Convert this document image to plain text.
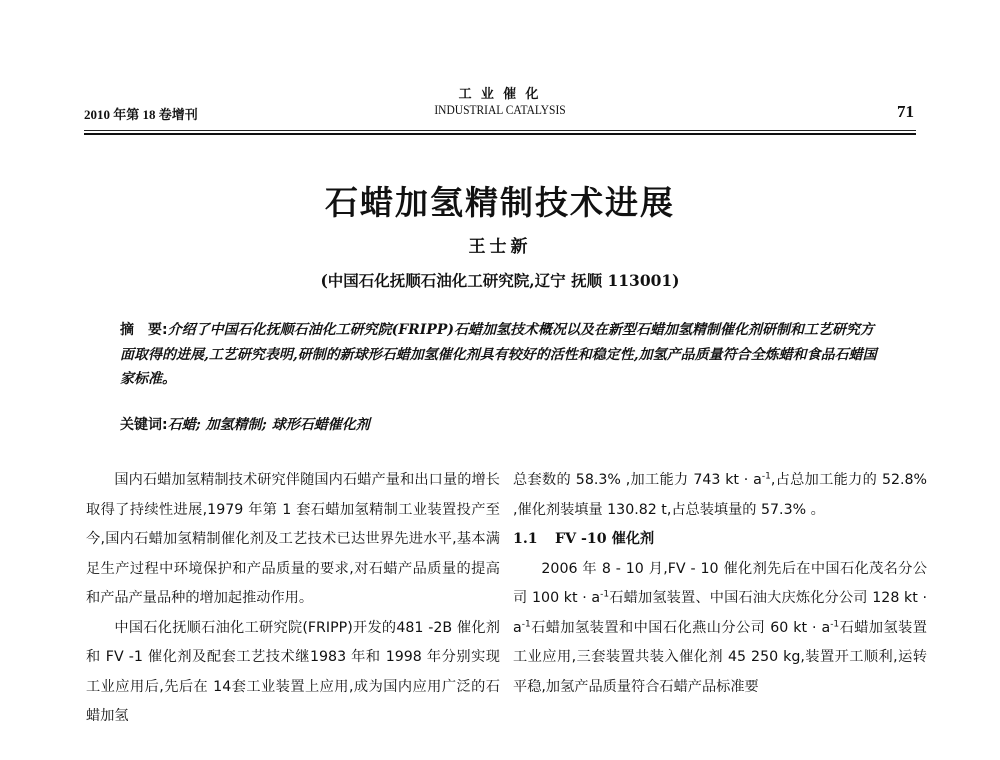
2010 年第 18 卷增刊
工 业 催 化
INDUSTRIAL CATALYSIS	71
石蜡加氢精制技术进展
王士新
(中国石化抚顺石油化工研究院,辽宁 抚顺 113001)
摘　要:介绍了中国石化抚顺石油化工研究院(FRIPP)石蜡加氢技术概况以及在新型石蜡加氢精制催化剂研制和工艺研究方面取得的进展,工艺研究表明,研制的新球形石蜡加氢催化剂具有较好的活性和稳定性,加氢产品质量符合全炼蜡和食品石蜡国家标准。
关键词:石蜡; 加氢精制; 球形石蜡催化剂

国内石蜡加氢精制技术研究伴随国内石蜡产量和出口量的增长取得了持续性进展,1979 年第 1 套石蜡加氢精制工业装置投产至今,国内石蜡加氢精制催化剂及工艺技术已达世界先进水平,基本满足生产过程中环境保护和产品质量的要求,对石蜡产品质量的提高和产品产量品种的增加起推动作用。

中国石化抚顺石油化工研究院(FRIPP)开发的481 -2B 催化剂和 FV -1 催化剂及配套工艺技术继1983 年和 1998 年分别实现工业应用后,先后在 14套工业装置上应用,成为国内应用广泛的石蜡加氢

总套数的 58.3% ,加工能力 743 kt · $a^{-1}$,占总加工能力的 52.8% ,催化剂装填量 130.82 t,占总装填量的 57.3% 。

1.1 FV -10 催化剂

2006 年 8 - 10 月,FV - 10 催化剂先后在中国石化茂名分公司 100 kt · $a^{-1}$石蜡加氢装置、中国石油大庆炼化分公司 128 kt · $a^{-1}$石蜡加氢装置和中国石化燕山分公司 60 kt · $a^{-1}$石蜡加氢装置工业应用,三套装置共装入催化剂 45 250 kg,装置开工顺利,运转平稳,加氢产品质量符合石蜡产品标准要
